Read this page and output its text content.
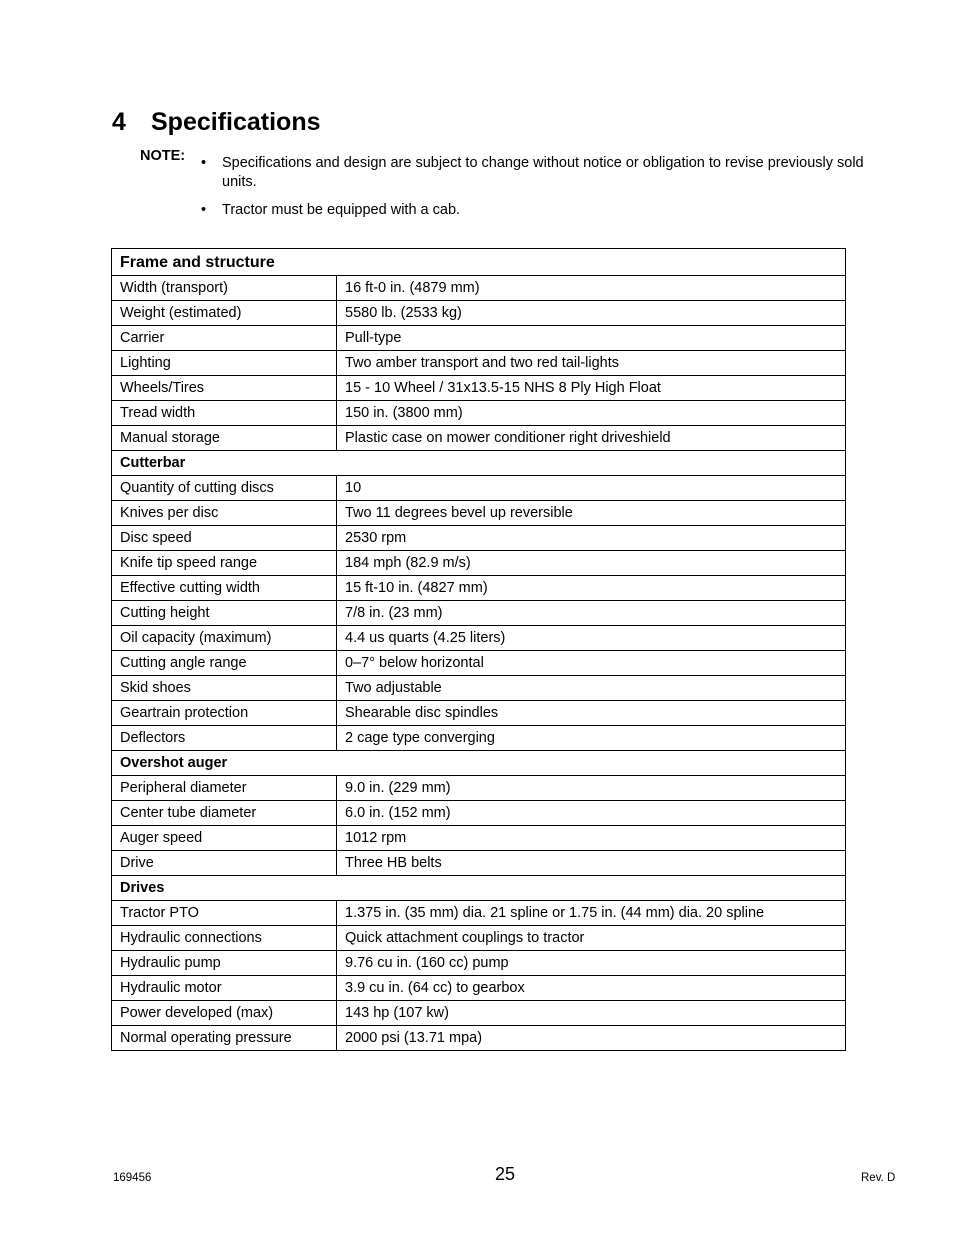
4 Specifications
NOTE: • Specifications and design are subject to change without notice or obligation to revise previously sold units.
• Tractor must be equipped with a cab.
Frame and structure	
Width (transport)	16 ft-0 in. (4879 mm)
Weight (estimated)	5580 lb. (2533 kg)
Carrier	Pull-type
Lighting	Two amber transport and two red tail-lights
Wheels/Tires	15 - 10 Wheel / 31x13.5-15 NHS 8 Ply High Float
Tread width	150 in. (3800 mm)
Manual storage	Plastic case on mower conditioner right driveshield
Cutterbar	
Quantity of cutting discs	10
Knives per disc	Two 11 degrees bevel up reversible
Disc speed	2530 rpm
Knife tip speed range	184 mph (82.9 m/s)
Effective cutting width	15 ft-10 in. (4827 mm)
Cutting height	7/8 in. (23 mm)
Oil capacity (maximum)	4.4 us quarts (4.25 liters)
Cutting angle range	0–7° below horizontal
Skid shoes	Two adjustable
Geartrain protection	Shearable disc spindles
Deflectors	2 cage type converging
Overshot auger	
Peripheral diameter	9.0 in. (229 mm)
Center tube diameter	6.0 in. (152 mm)
Auger speed	1012 rpm
Drive	Three HB belts
Drives	
Tractor PTO	1.375 in. (35 mm) dia. 21 spline or 1.75 in. (44 mm) dia. 20 spline
Hydraulic connections	Quick attachment couplings to tractor
Hydraulic pump	9.76 cu in. (160 cc) pump
Hydraulic motor	3.9 cu in. (64 cc) to gearbox
Power developed (max)	143 hp (107 kw)
Normal operating pressure	2000 psi (13.71 mpa)
169456	25	Rev. D
